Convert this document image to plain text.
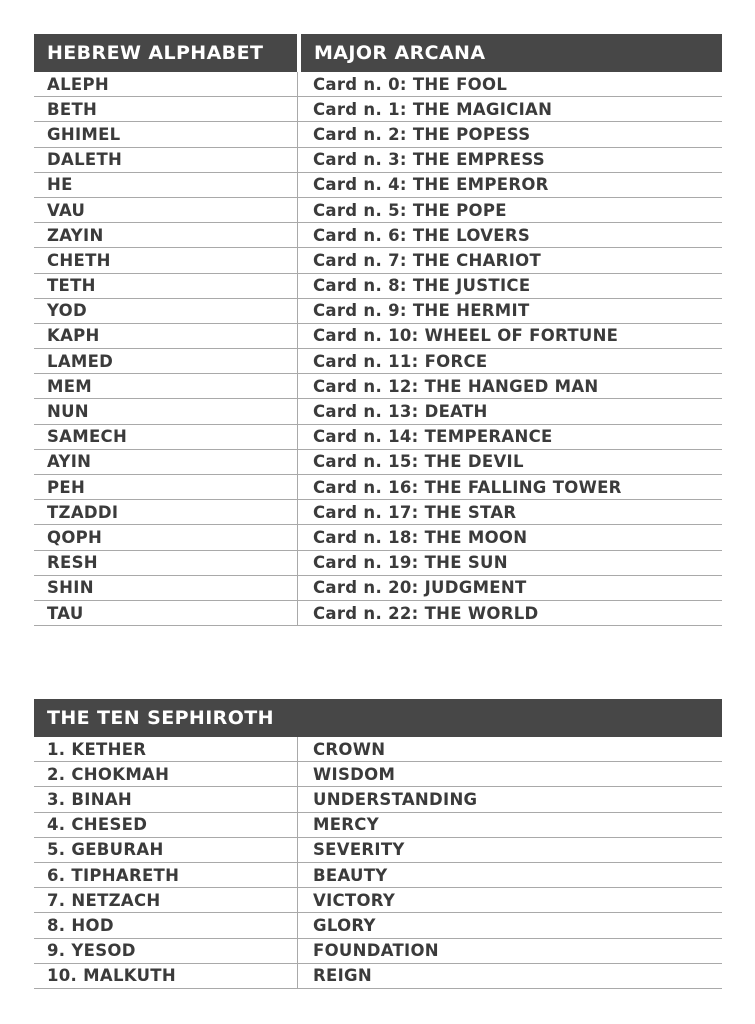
HEBREW ALPHABET	MAJOR ARCANA
ALEPH	Card n. 0: THE FOOL
BETH	Card n. 1: THE MAGICIAN
GHIMEL	Card n. 2: THE POPESS
DALETH	Card n. 3: THE EMPRESS
HE	Card n. 4: THE EMPEROR
VAU	Card n. 5: THE POPE
ZAYIN	Card n. 6: THE LOVERS
CHETH	Card n. 7: THE CHARIOT
TETH	Card n. 8: THE JUSTICE
YOD	Card n. 9: THE HERMIT
KAPH	Card n. 10: WHEEL OF FORTUNE
LAMED	Card n. 11: FORCE
MEM	Card n. 12: THE HANGED MAN
NUN	Card n. 13: DEATH
SAMECH	Card n. 14: TEMPERANCE
AYIN	Card n. 15: THE DEVIL
PEH	Card n. 16: THE FALLING TOWER
TZADDI	Card n. 17: THE STAR
QOPH	Card n. 18: THE MOON
RESH	Card n. 19: THE SUN
SHIN	Card n. 20: JUDGMENT
TAU	Card n. 22: THE WORLD
THE TEN SEPHIROTH
1. KETHER	CROWN
2. CHOKMAH	WISDOM
3. BINAH	UNDERSTANDING
4. CHESED	MERCY
5. GEBURAH	SEVERITY
6. TIPHARETH	BEAUTY
7. NETZACH	VICTORY
8. HOD	GLORY
9. YESOD	FOUNDATION
10. MALKUTH	REIGN
